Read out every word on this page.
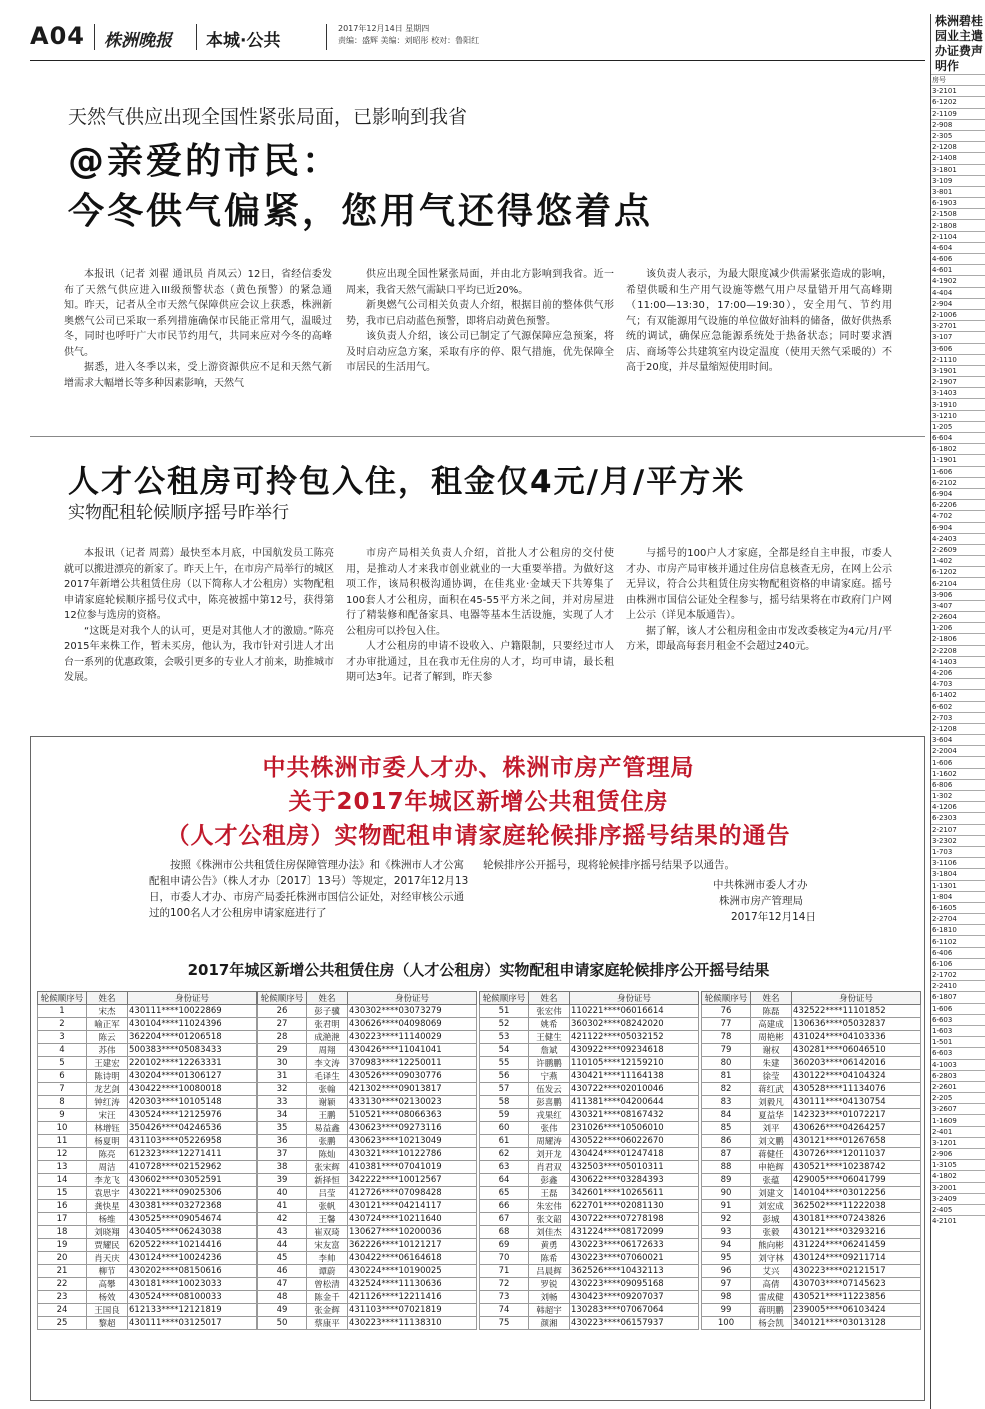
A04 株洲晚报 本城·公共
2017年12月14日 星期四
责编：盛辉 美编：刘昭彤 校对：鲁阳红
天然气供应出现全国性紧张局面，已影响到我省
@亲爱的市民：
今冬供气偏紧，您用气还得悠着点

本报讯（记者 刘翟 通讯员 肖凤云）12日，省经信委发布了天然气供应进入III级预警状态（黄色预警）的紧急通知。昨天，记者从全市天然气保障供应会议上获悉，株洲新奥燃气公司已采取一系列措施确保市民能正常用气，温暖过冬，同时也呼吁广大市民节约用气，共同来应对今冬的高峰供气。

据悉，进入冬季以来，受上游资源供应不足和天然气新增需求大幅增长等多种因素影响，天然气

供应出现全国性紧张局面，并由北方影响到我省。近一周来，我省天然气需缺口平均已近20%。

新奥燃气公司相关负责人介绍，根据目前的整体供气形势，我市已启动蓝色预警，即将启动黄色预警。

该负责人介绍，该公司已制定了气源保障应急预案，将及时启动应急方案，采取有序的停、限气措施，优先保障全市居民的生活用气。

该负责人表示，为最大限度减少供需紧张造成的影响，希望供暖和生产用气设施等燃气用户尽量错开用气高峰期（11:00—13:30，17:00—19:30），安全用气、节约用气；有双能源用气设施的单位做好油料的储备，做好供热系统的调试，确保应急能源系统处于热备状态；同时要求酒店、商场等公共建筑室内设定温度（使用天然气采暖的）不高于20度，并尽量缩短使用时间。

人才公租房可拎包入住，租金仅4元/月/平方米
实物配租轮候顺序摇号昨举行

本报讯（记者 周蔫）最快至本月底，中国航发员工陈亮就可以搬进漂亮的新家了。昨天上午，在市房产局举行的城区2017年新增公共租赁住房（以下简称人才公租房）实物配租申请家庭轮候顺序摇号仪式中，陈亮被摇中第12号，获得第12位参与选房的资格。

“这既是对我个人的认可，更是对其他人才的激励。”陈亮2015年来株工作，暂未买房，他认为，我市针对引进人才出台一系列的优惠政策，会吸引更多的专业人才前来，助推城市发展。

市房产局相关负责人介绍，首批人才公租房的交付使用，是推动人才来我市创业就业的一大重要举措。为做好这项工作，该局积极沟通协调，在佳兆业·金域天下共筹集了100套人才公租房，面积在45-55平方米之间，并对房屋进行了精装修和配备家具、电器等基本生活设施，实现了人才公租房可以拎包入住。

人才公租房的申请不设收入、户籍限制，只要经过市人才办审批通过，且在我市无住房的人才，均可申请，最长租期可达3年。记者了解到，昨天参

与摇号的100户人才家庭，全都是经自主申报，市委人才办、市房产局审核并通过住房信息核查无房，在网上公示无异议，符合公共租赁住房实物配租资格的申请家庭。摇号由株洲市国信公证处全程参与，摇号结果将在市政府门户网上公示（详见本版通告）。

据了解，该人才公租房租金由市发改委核定为4元/月/平方米，即最高每套月租金不会超过240元。

中共株洲市委人才办、株洲市房产管理局
关于2017年城区新增公共租赁住房
（人才公租房）实物配租申请家庭轮候排序摇号结果的通告
按照《株洲市公共租赁住房保障管理办法》和《株洲市人才公寓配租申请公告》（株人才办〔2017〕13号）等规定，2017年12月13日，市委人才办、市房产局委托株洲市国信公证处，对经审核公示通过的100名人才公租房申请家庭进行了
轮候排序公开摇号，现将轮候排序摇号结果予以通告。
中共株洲市委人才办
株洲市房产管理局
2017年12月14日
2017年城区新增公共租赁住房（人才公租房）实物配租申请家庭轮候排序公开摇号结果
轮候顺序号	姓名	身份证号
1	宋杰	430111****10022869
2	喻正军	430104****11024396
3	陈云	362204****01206518
4	苏伟	500383****05083433
5	王建宏	220102****12263331
6	陈诗明	430204****01306127
7	龙艺剑	430422****10080018
8	钟红涛	420303****10105148
9	宋汪	430524****12125976
10	林增钰	350426****04246536
11	杨夏明	431103****05226958
12	陈亮	612323****12271411
13	周洁	410728****02152962
14	李龙飞	430602****03052591
15	袁思宇	430221****09025306
16	龚快星	430381****03272368
17	杨维	430525****09054674
18	刘晓翔	430405****06243038
19	贾耀民	620522****10214416
20	肖天庆	430124****10024236
21	柳节	430202****08150616
22	高攀	430181****10023033
23	杨效	430524****08100033
24	王国良	612133****12121819
25	黎超	430111****03125017
轮候顺序号	姓名	身份证号
26	彭子骥	430302****03073279
27	张君明	430626****04098069
28	成滟滟	430223****11140029
29	周翔	430426****11041041
30	李文涛	370983****12250011
31	毛译生	430526****09030776
32	张翰	421302****09013817
33	谢颖	433130****02130023
34	王鹏	510521****08066363
35	易益鑫	430623****09273116
36	张鹏	430623****10213049
37	陈灿	430321****10122786
38	张宋辉	410381****07041019
39	新择恒	342222****10012567
40	吕莹	412726****07098428
41	张帆	430121****04214117
42	王馨	430724****10211640
43	崔双琦	130627****10200036
44	宋友富	362226****10121217
45	李帅	430422****06164618
46	谭蔚	430224****10190025
47	曾松清	432524****11130636
48	陈金千	421126****12211416
49	张金辉	431103****07021819
50	蔡康平	430223****11138310
轮候顺序号	姓名	身份证号
51	张宏伟	110221****06016614
52	姚希	360302****08242020
53	王健生	421122****05032152
54	詹斌	430922****09234618
55	许鹏鹏	110105****12159210
56	宁燕	430421****11164138
57	伍发云	430722****02010046
58	彭喜鹏	411381****04200644
59	戎果红	430321****08167432
60	张伟	231026****10506010
61	周耀涛	430522****06022670
62	刘开龙	430424****01247418
63	肖君双	432503****05010311
64	彭鑫	430622****03284393
65	王磊	342601****10265611
66	朱宏伟	622701****02081130
67	张文韶	430722****07278198
68	刘佳杰	431224****08172099
69	黄勇	430223****06172633
70	陈希	430223****07060021
71	吕晨辉	362526****10432113
72	罗锐	430223****09095168
73	刘畅	430423****09207037
74	韩超宇	130283****07067064
75	颜湘	430223****06157937
轮候顺序号	姓名	身份证号
76	陈磊	432522****11101852
77	高建成	130636****05032837
78	周艳彬	431024****04103336
79	谢权	430281****06046510
80	朱建	360203****06142016
81	徐莹	430122****04104324
82	蒋红武	430528****11134076
83	刘毅凡	430111****04130754
84	夏益华	142323****01072217
85	刘平	430626****04264257
86	刘文鹏	430121****01267658
87	蒋健任	430726****12011037
88	申艳辉	430521****10238742
89	张蕴	429005****06041799
90	刘建文	140104****03012256
91	刘宏成	362502****11222038
92	彭城	430181****07243826
93	张毅	430121****03293216
94	熊向彬	431224****06241459
95	刘守林	430124****09211714
96	艾兴	430223****02121517
97	高倩	430703****07145623
98	雷成健	430521****11223856
99	蒋明鹏	239005****06103424
100	杨会凯	340121****03013128
株洲碧桂园业主遣办证费声明作
房号
3-2101
6-1202
2-1109
2-908
2-305
2-1208
2-1408
3-1801
3-109
3-801
6-1903
2-1508
2-1808
2-1104
4-604
4-606
4-601
4-1902
4-404
2-904
2-1006
3-2701
3-107
3-606
2-1110
3-1901
2-1907
3-1403
3-1910
3-1210
1-205
6-604
6-1802
1-1901
1-606
6-2102
6-904
6-2206
4-702
6-904
4-2403
2-2609
1-402
6-1202
6-2104
3-906
3-407
2-2604
1-206
2-1806
2-2208
4-1403
4-206
4-703
6-1402
6-602
2-703
2-1208
3-604
2-2004
1-606
1-1602
6-806
1-302
4-1206
6-2303
2-2107
3-2302
1-703
3-1106
3-1804
1-1301
1-804
6-1605
2-2704
6-1810
6-1102
6-406
6-106
2-1702
2-2410
6-1807
1-606
6-603
1-603
1-501
6-603
4-1003
6-2803
2-2601
2-205
3-2607
1-1609
2-401
3-1201
2-906
1-3105
4-1802
3-2001
3-2409
2-405
4-2101
